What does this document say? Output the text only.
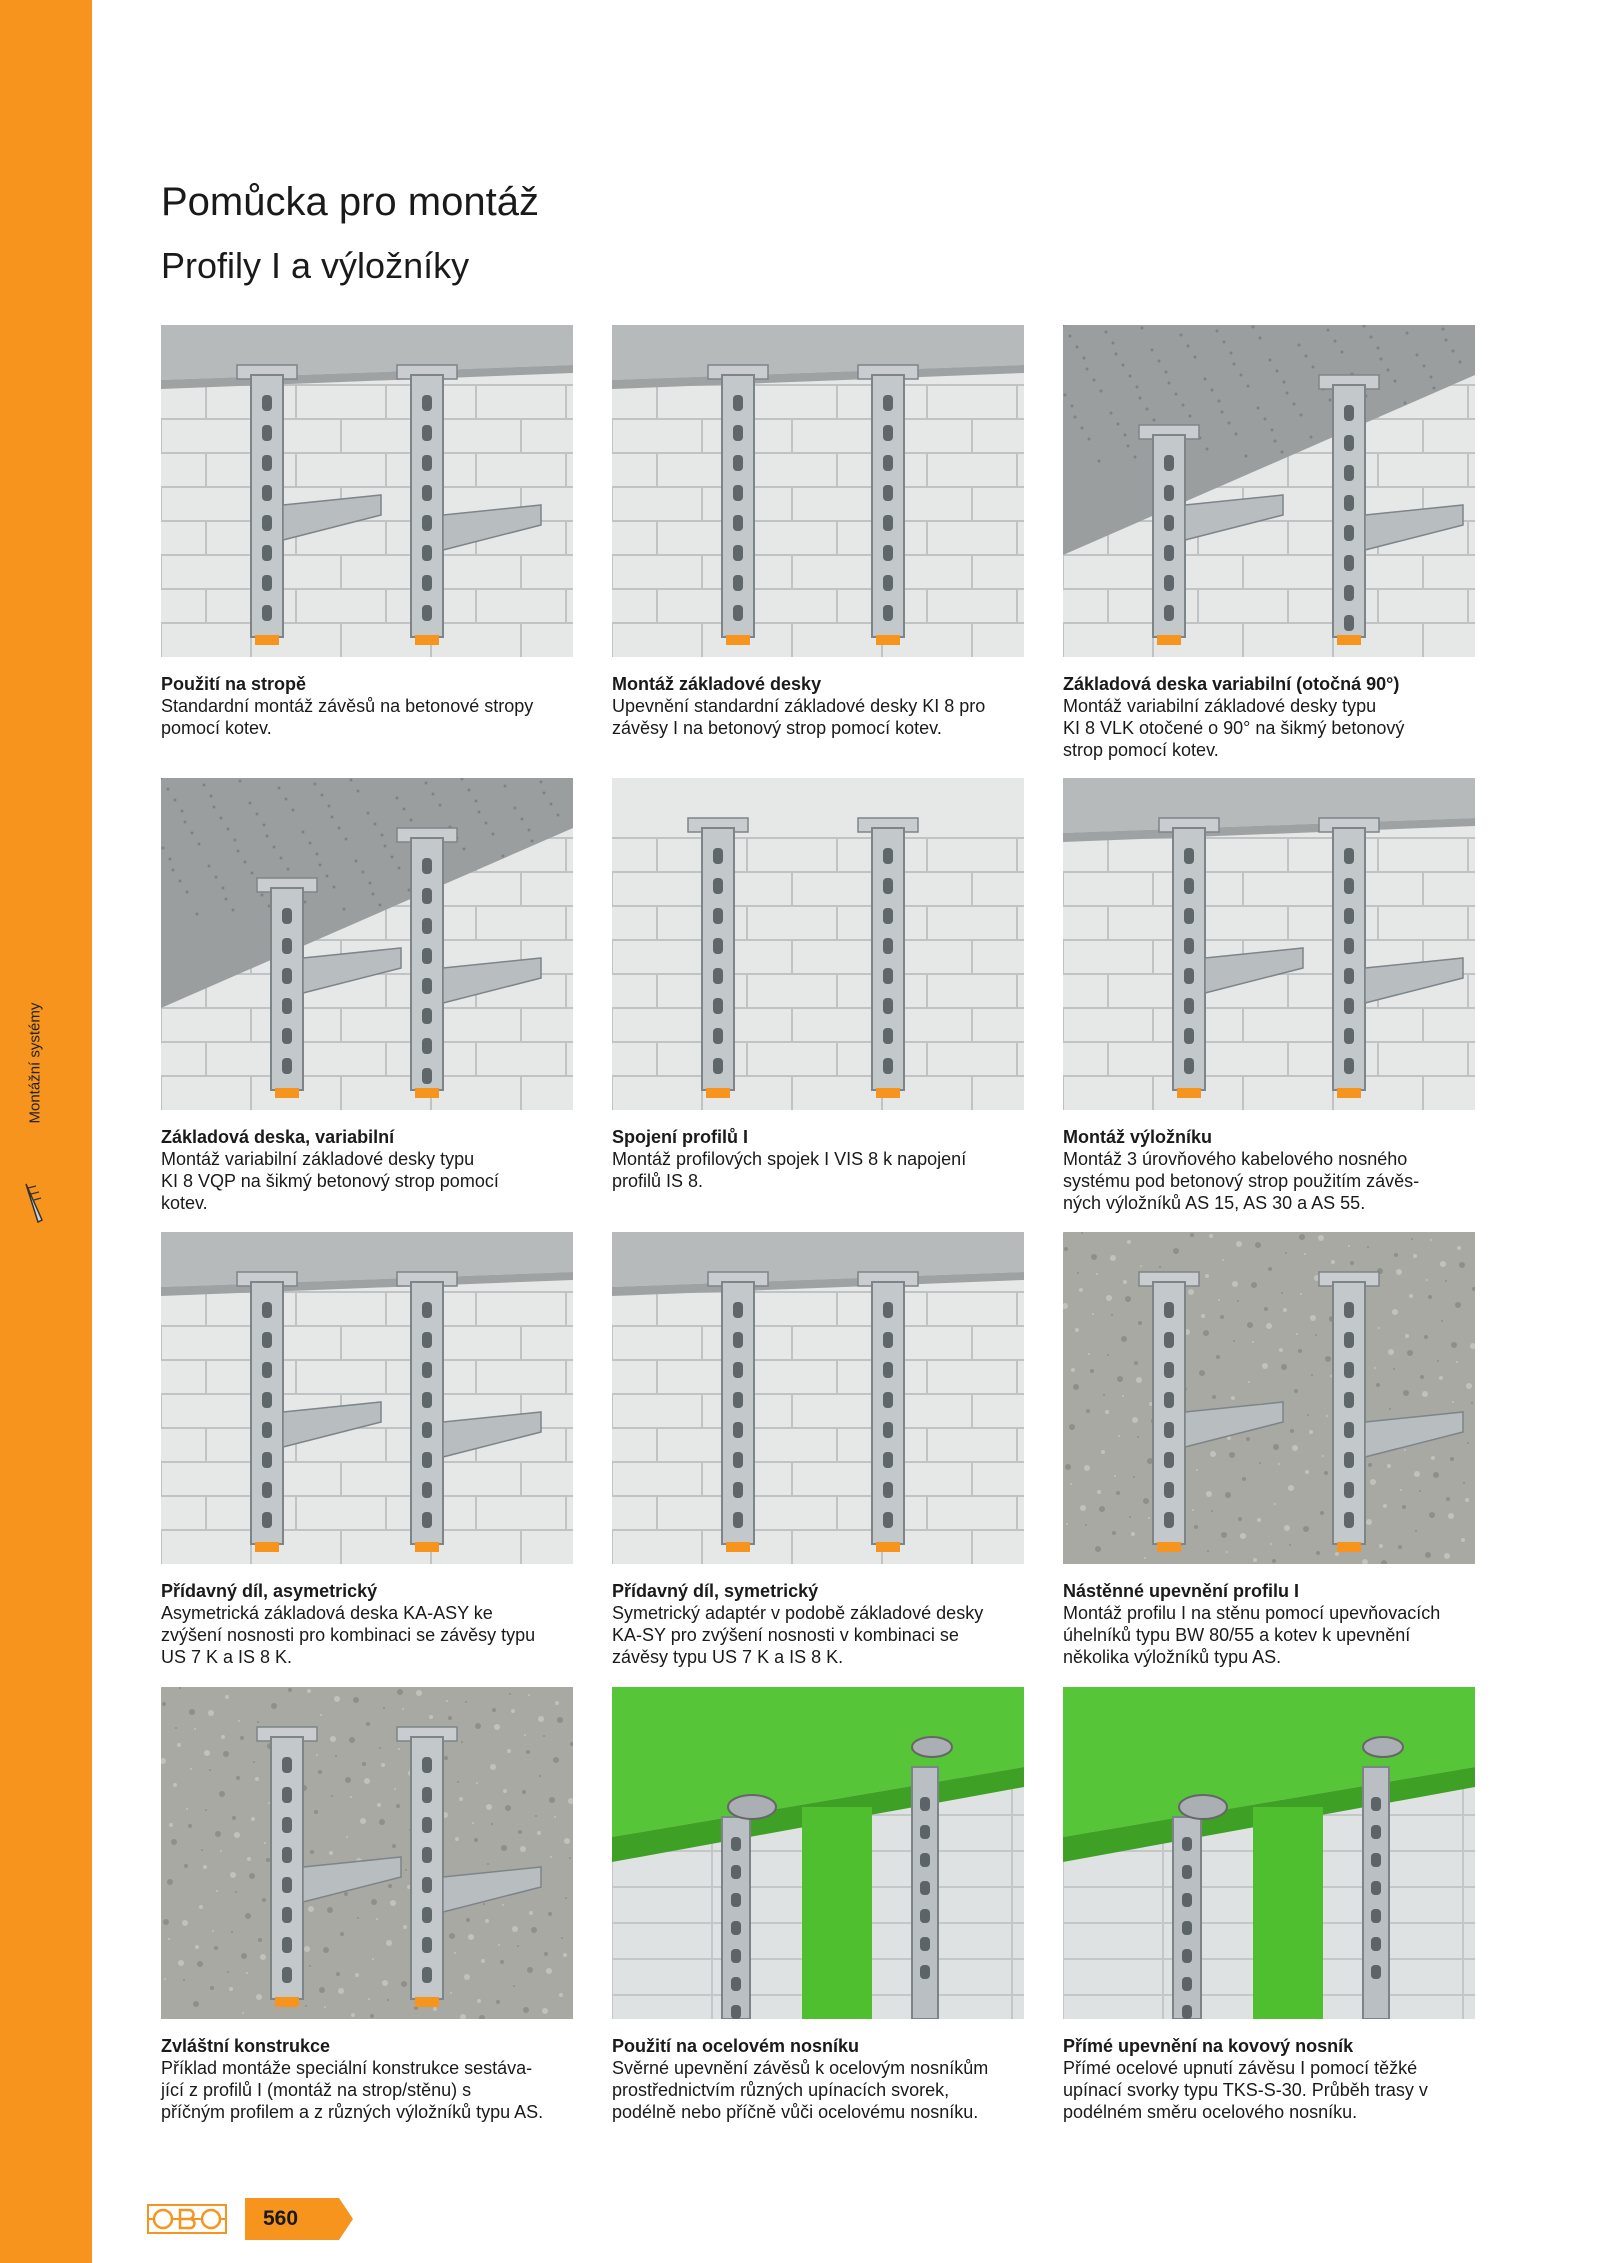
Montážní systémy
Pomůcka pro montáž
Profily I a výložníky
Použití na stropě
Standardní montáž závěsů na betonové stropy
pomocí kotev.
Montáž základové desky
Upevnění standardní základové desky KI 8 pro
závěsy I na betonový strop pomocí kotev.
Základová deska variabilní (otočná 90°)
Montáž variabilní základové desky typu
KI 8 VLK otočené o 90° na šikmý betonový
strop pomocí kotev.
Základová deska, variabilní
Montáž variabilní základové desky typu
KI 8 VQP na šikmý betonový strop pomocí
kotev.
Spojení profilů I
Montáž profilových spojek I VIS 8 k napojení
profilů IS 8.
Montáž výložníku
Montáž 3 úrovňového kabelového nosného
systému pod betonový strop použitím závěs-
ných výložníků AS 15, AS 30 a AS 55.
Přídavný díl, asymetrický
Asymetrická základová deska KA-ASY ke
zvýšení nosnosti pro kombinaci se závěsy typu
US 7 K a IS 8 K.
Přídavný díl, symetrický
Symetrický adaptér v podobě základové desky
KA-SY pro zvýšení nosnosti v kombinaci se
závěsy typu US 7 K a IS 8 K.
Nástěnné upevnění profilu I
Montáž profilu I na stěnu pomocí upevňovacích
úhelníků typu BW 80/55 a kotev k upevnění
několika výložníků typu AS.
Zvláštní konstrukce
Příklad montáže speciální konstrukce sestáva-
jící z profilů I (montáž na strop/stěnu) s
příčným profilem a z různých výložníků typu AS.
Použití na ocelovém nosníku
Svěrné upevnění závěsů k ocelovým nosníkům
prostřednictvím různých upínacích svorek,
podélně nebo příčně vůči ocelovému nosníku.
Přímé upevnění na kovový nosník
Přímé ocelové upnutí závěsu I pomocí těžké
upínací svorky typu TKS-S-30. Průběh trasy v
podélném směru ocelového nosníku.
560
